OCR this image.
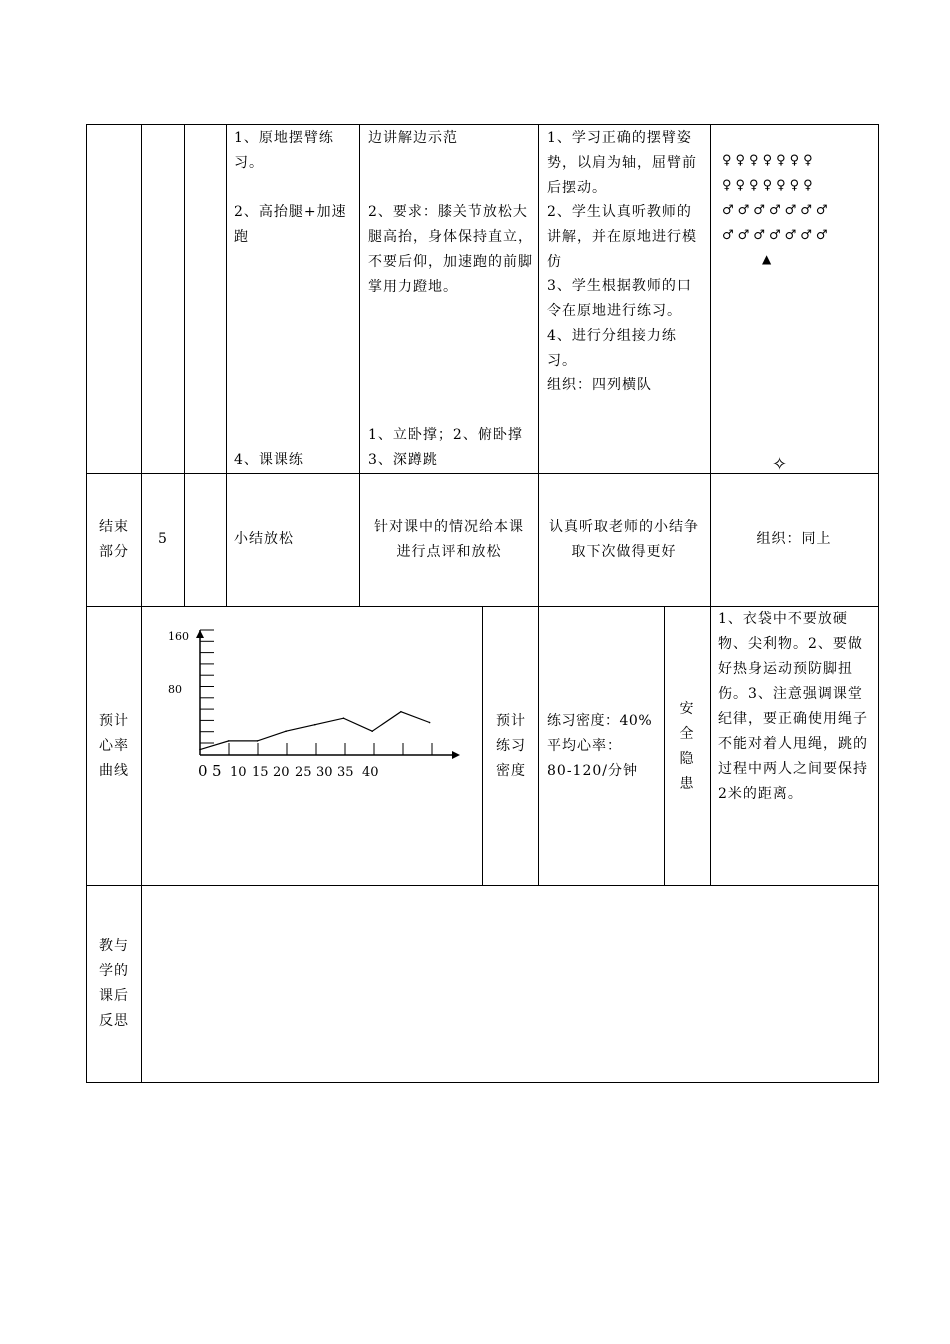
1、原地摆臂练习。
2、高抬腿+加速跑
4、课课练
边讲解边示范
2、要求：膝关节放松大腿高抬，身体保持直立，不要后仰，加速跑的前脚掌用力蹬地。
1、立卧撑；2、俯卧撑 3、深蹲跳
1、学习正确的摆臂姿势，以肩为轴，屈臂前后摆动。
2、学生认真听教师的讲解，并在原地进行模仿
3、学生根据教师的口令在原地进行练习。
4、进行分组接力练习。
组织：四列横队
♀♀♀♀♀♀♀
♀♀♀♀♀♀♀
♂♂♂♂♂♂♂
♂♂♂♂♂♂♂
▲
✧
结束部分
5	小结放松
针对课中的情况给本课进行点评和放松
认真听取老师的小结争取下次做得更好
组织：同上
预计心率曲线
160
80
0 5 10 15 20 25 30 35 40
预计练习密度
练习密度：40%
平均心率：
80-120/分钟
安全隐患
1、衣袋中不要放硬物、尖利物。2、要做好热身运动预防脚扭伤。3、注意强调课堂纪律，要正确使用绳子不能对着人甩绳，跳的过程中两人之间要保持2米的距离。
教与学的课后反思
